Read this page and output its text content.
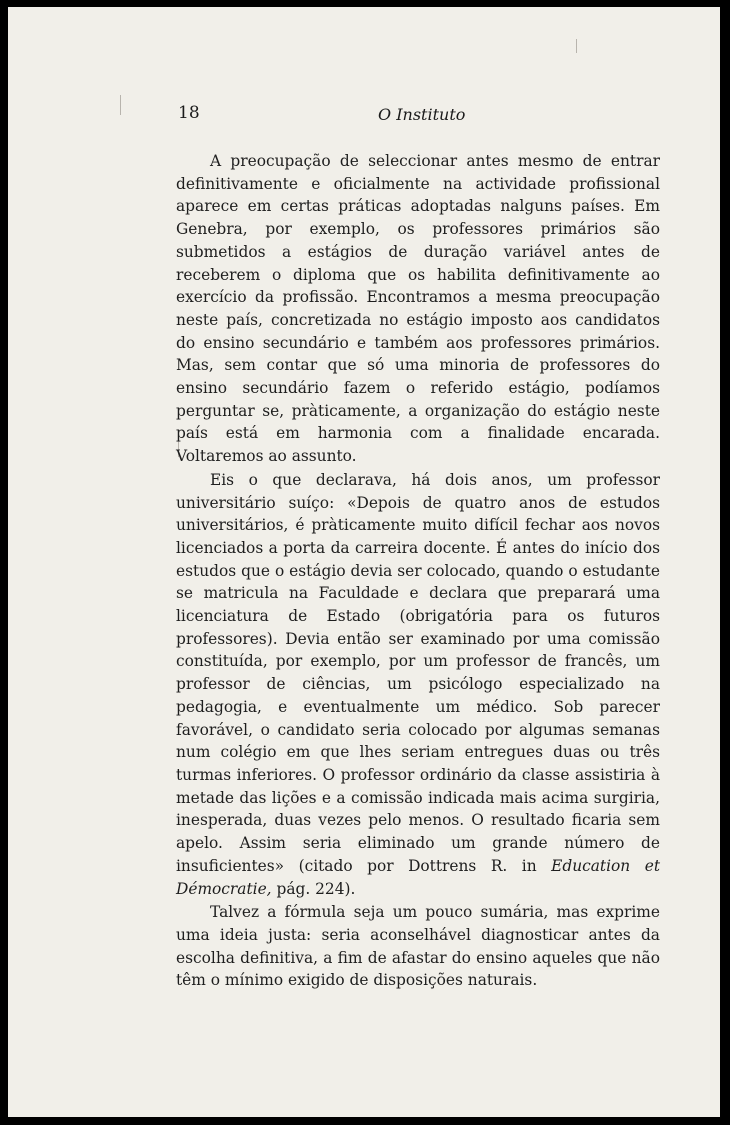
18	O Instituto

A preocupação de seleccionar antes mesmo de entrar definitivamente e oficialmente na actividade profissional aparece em certas práticas adoptadas nalguns países. Em Genebra, por exemplo, os professores primários são submetidos a estágios de duração variável antes de receberem o diploma que os habilita definitivamente ao exercício da profissão. Encontramos a mesma preocupação neste país, concretizada no estágio imposto aos candidatos do ensino secundário e também aos professores primários. Mas, sem contar que só uma minoria de professores do ensino secundário fazem o referido estágio, podíamos perguntar se, pràticamente, a organização do estágio neste país está em harmonia com a finalidade encarada. Voltaremos ao assunto.

Eis o que declarava, há dois anos, um professor universitário suíço: «Depois de quatro anos de estudos universitários, é pràticamente muito difícil fechar aos novos licenciados a porta da carreira docente. É antes do início dos estudos que o estágio devia ser colocado, quando o estudante se matricula na Faculdade e declara que preparará uma licenciatura de Estado (obrigatória para os futuros professores). Devia então ser examinado por uma comissão constituída, por exemplo, por um professor de francês, um professor de ciências, um psicólogo especializado na pedagogia, e eventualmente um médico. Sob parecer favorável, o candidato seria colocado por algumas semanas num colégio em que lhes seriam entregues duas ou três turmas inferiores. O professor ordinário da classe assistiria à metade das lições e a comissão indicada mais acima surgiria, inesperada, duas vezes pelo menos. O resultado ficaria sem apelo. Assim seria eliminado um grande número de insuficientes» (citado por Dottrens R. in Education et Démocratie, pág. 224).

Talvez a fórmula seja um pouco sumária, mas exprime uma ideia justa: seria aconselhável diagnosticar antes da escolha definitiva, a fim de afastar do ensino aqueles que não têm o mínimo exigido de disposições naturais.
